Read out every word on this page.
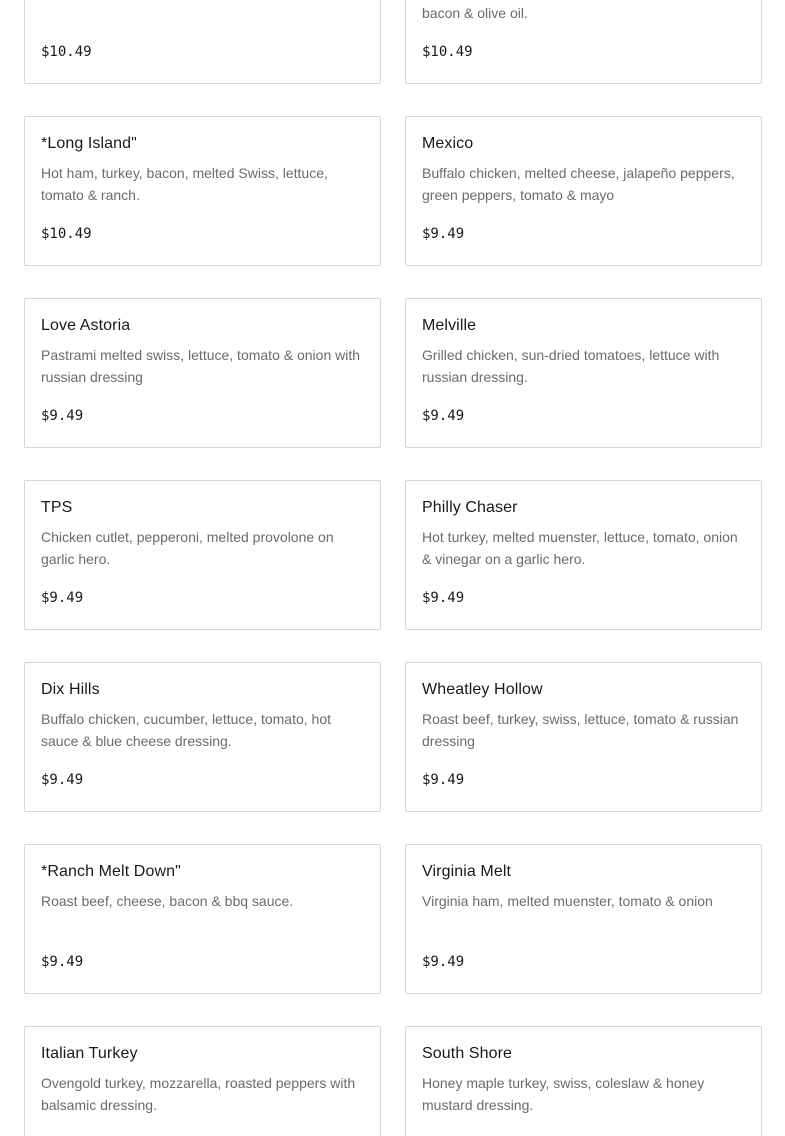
$10.49
bacon & olive oil.
$10.49
*Long Island"
Hot ham, turkey, bacon, melted Swiss, lettuce, tomato & ranch.
$10.49
Mexico
Buffalo chicken, melted cheese, jalapeño peppers, green peppers, tomato & mayo
$9.49
Love Astoria
Pastrami melted swiss, lettuce, tomato & onion with russian dressing
$9.49
Melville
Grilled chicken, sun-dried tomatoes, lettuce with russian dressing.
$9.49
TPS
Chicken cutlet, pepperoni, melted provolone on garlic hero.
$9.49
Philly Chaser
Hot turkey, melted muenster, lettuce, tomato, onion & vinegar on a garlic hero.
$9.49
Dix Hills
Buffalo chicken, cucumber, lettuce, tomato, hot sauce & blue cheese dressing.
$9.49
Wheatley Hollow
Roast beef, turkey, swiss, lettuce, tomato & russian dressing
$9.49
*Ranch Melt Down"
Roast beef, cheese, bacon & bbq sauce.
$9.49
Virginia Melt
Virginia ham, melted muenster, tomato & onion
$9.49
Italian Turkey
Ovengold turkey, mozzarella, roasted peppers with balsamic dressing.
South Shore
Honey maple turkey, swiss, coleslaw & honey mustard dressing.
